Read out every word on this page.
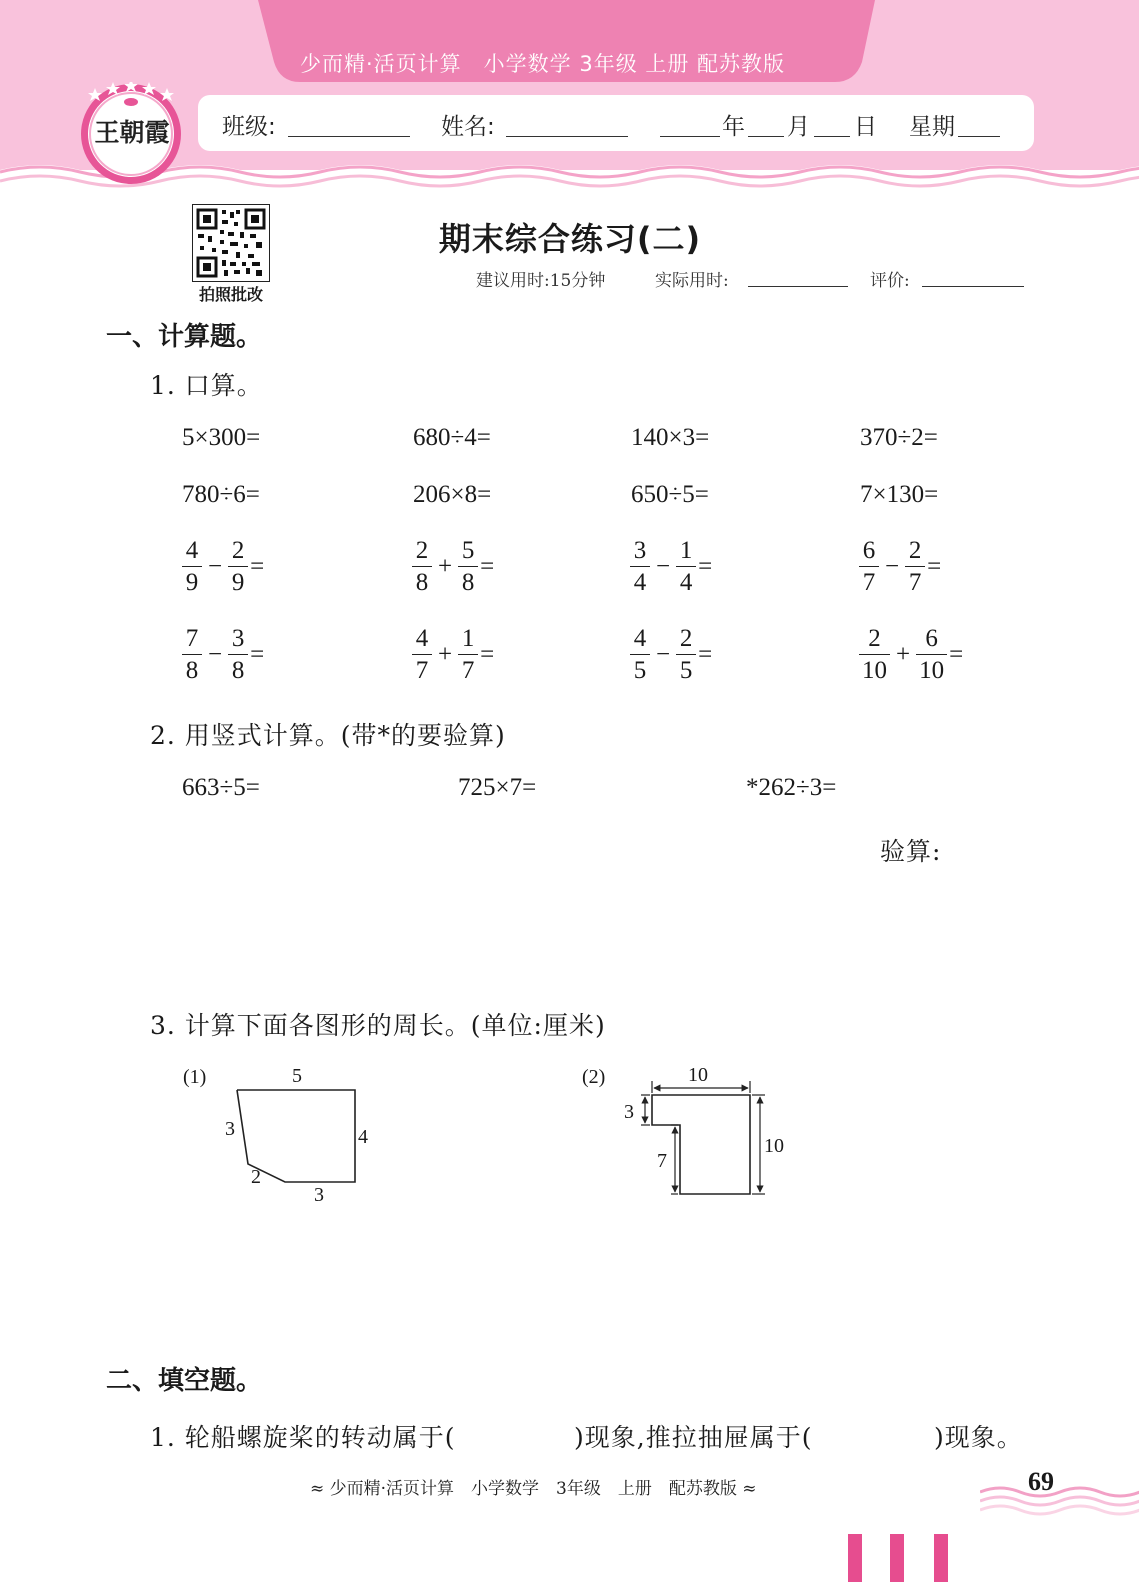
少而精·活页计算　小学数学 3年级 上册 配苏教版
班级:	姓名:	年 月 日 星期
王朝霞
拍照批改
期末综合练习(二)
建议用时:15分钟	实际用时:	评价:
一、计算题。
1. 口算。
5×300=	680÷4=	140×3=	370÷2=
780÷6=	206×8=	650÷5=	7×130=
$\frac{4}{9} - \frac{2}{9}$ =	$\frac{2}{8} + \frac{5}{8}$ =	$\frac{3}{4} - \frac{1}{4}$ =	$\frac{6}{7} - \frac{2}{7}$ =
$\frac{7}{8} - \frac{3}{8}$ =	$\frac{4}{7} + \frac{1}{7}$ =	$\frac{4}{5} - \frac{2}{5}$ =	$\frac{2}{10} + \frac{6}{10}$ =
2. 用竖式计算。(带*的要验算)
663÷5=	725×7=	*262÷3=
验算:
3. 计算下面各图形的周长。(单位:厘米)
(1)	5
3	4
2
3
(2)	10
3
7
10
二、填空题。
1. 轮船螺旋桨的转动属于(	)现象,推拉抽屉属于(	)现象。
≈ 少而精·活页计算　小学数学　3年级　上册　配苏教版 ≈	69
